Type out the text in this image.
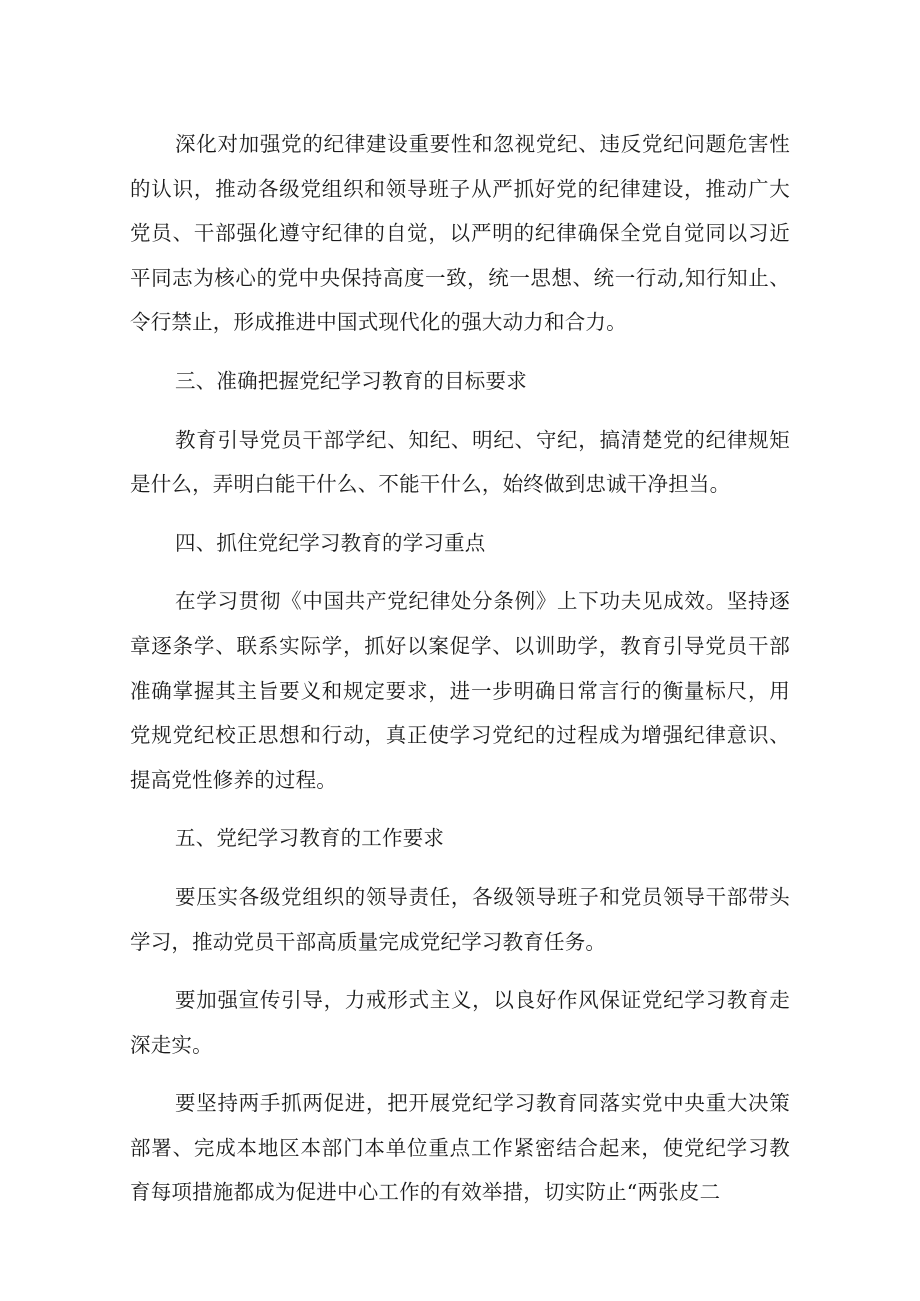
深化对加强党的纪律建设重要性和忽视党纪、违反党纪问题危害性的认识，推动各级党组织和领导班子从严抓好党的纪律建设，推动广大党员、干部强化遵守纪律的自觉，以严明的纪律确保全党自觉同以习近平同志为核心的党中央保持高度一致，统一思想、统一行动,知行知止、令行禁止，形成推进中国式现代化的强大动力和合力。

三、准确把握党纪学习教育的目标要求

教育引导党员干部学纪、知纪、明纪、守纪，搞清楚党的纪律规矩是什么，弄明白能干什么、不能干什么，始终做到忠诚干净担当。

四、抓住党纪学习教育的学习重点

在学习贯彻《中国共产党纪律处分条例》上下功夫见成效。坚持逐章逐条学、联系实际学，抓好以案促学、以训助学，教育引导党员干部准确掌握其主旨要义和规定要求，进一步明确日常言行的衡量标尺，用党规党纪校正思想和行动，真正使学习党纪的过程成为增强纪律意识、提高党性修养的过程。

五、党纪学习教育的工作要求

要压实各级党组织的领导责任，各级领导班子和党员领导干部带头学习，推动党员干部高质量完成党纪学习教育任务。

要加强宣传引导，力戒形式主义，以良好作风保证党纪学习教育走深走实。

要坚持两手抓两促进，把开展党纪学习教育同落实党中央重大决策部署、完成本地区本部门本单位重点工作紧密结合起来，使党纪学习教育每项措施都成为促进中心工作的有效举措，切实防止“两张皮二
